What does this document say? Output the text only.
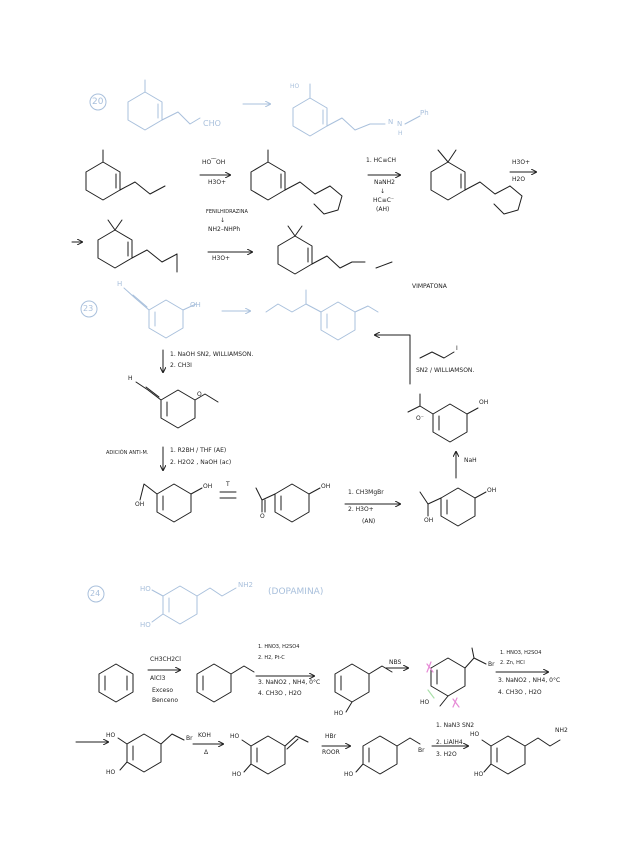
20
CHO
HO
N N
H
Ph
HO⁀OH
H3O+
1. HC≡CH
NaNH2
↓
HC≡C⁻
(AH)
H3O+
H2O
FENILHIDRAZINA
↓
NH2–NHPh
H3O+
VIMPATONA
23	OH
H
1. NaOH SN2, WILLIAMSON.
2. CH3I
H
O
ADICIÓN ANTI-M.	1. R2BH / THF (AE)
2. H2O2 , NaOH (ac)
OH
OH
T	OH
O
1. CH3MgBr
2. H3O+
(AN)
OH
OH
NaH
OH
O⁻
SN2 / WILLIAMSON.
I
24	HO
HO
NH2
(DOPAMINA)
CH3CH2Cl
AlCl3
Exceso
Benceno
1. HNO3, H2SO4
2. H2, Pt-C
3. NaNO2 , NH4, 0°C
4. CH3O , H2O
HO
NBS	Br
HO
1. HNO3, H2SO4
2. Zn, HCl
3. NaNO2 , NH4, 0°C
4. CH3O , H2O
HO
HO
Br KOH
Δ
HO
HO
HBr
ROOR
HO
Br
1. NaN3 SN2
2. LiAlH4
3. H2O
HO
HO
NH2
